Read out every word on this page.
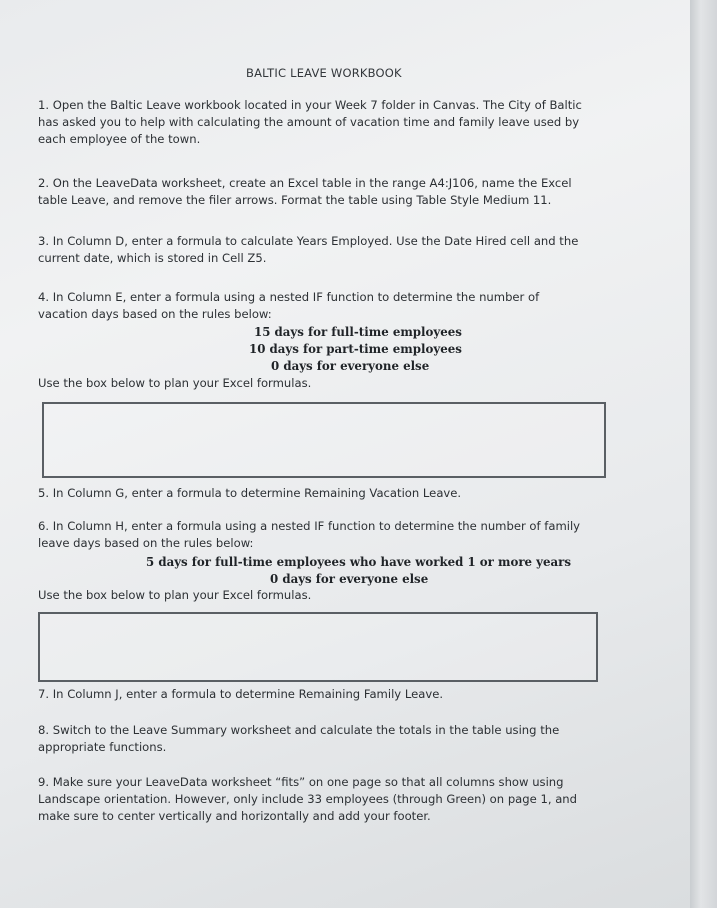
BALTIC LEAVE WORKBOOK
1. Open the Baltic Leave workbook located in your Week 7 folder in Canvas. The City of Baltic
has asked you to help with calculating the amount of vacation time and family leave used by
each employee of the town.
2. On the LeaveData worksheet, create an Excel table in the range A4:J106, name the Excel
table Leave, and remove the filer arrows. Format the table using Table Style Medium 11.
3. In Column D, enter a formula to calculate Years Employed. Use the Date Hired cell and the
current date, which is stored in Cell Z5.
4. In Column E, enter a formula using a nested IF function to determine the number of
vacation days based on the rules below:
15 days for full-time employees
10 days for part-time employees
0 days for everyone else
Use the box below to plan your Excel formulas.
5. In Column G, enter a formula to determine Remaining Vacation Leave.
6. In Column H, enter a formula using a nested IF function to determine the number of family
leave days based on the rules below:
5 days for full-time employees who have worked 1 or more years
0 days for everyone else
Use the box below to plan your Excel formulas.
7. In Column J, enter a formula to determine Remaining Family Leave.
8. Switch to the Leave Summary worksheet and calculate the totals in the table using the
appropriate functions.
9. Make sure your LeaveData worksheet “fits” on one page so that all columns show using
Landscape orientation. However, only include 33 employees (through Green) on page 1, and
make sure to center vertically and horizontally and add your footer.
